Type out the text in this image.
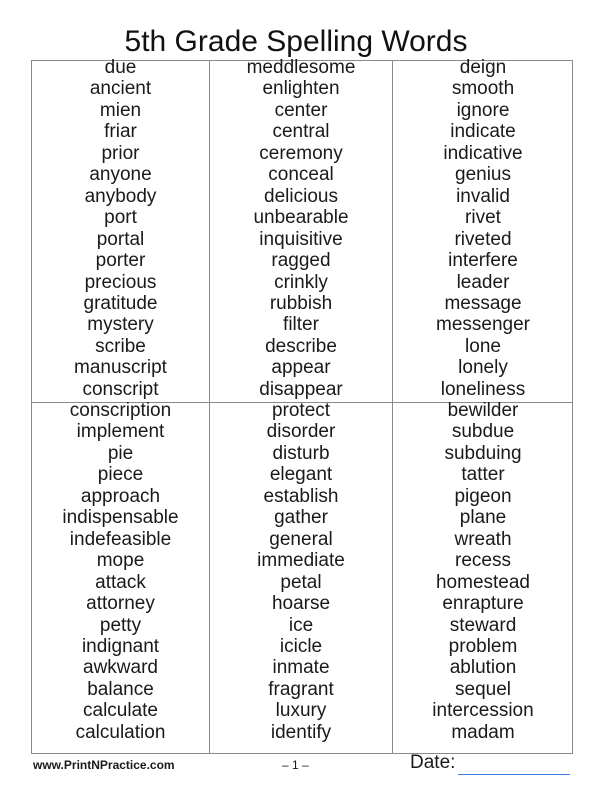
5th Grade Spelling Words
due
ancient
mien
friar
prior
anyone
anybody
port
portal
porter
precious
gratitude
mystery
scribe
manuscript
conscript
meddlesome
enlighten
center
central
ceremony
conceal
delicious
unbearable
inquisitive
ragged
crinkly
rubbish
filter
describe
appear
disappear
deign
smooth
ignore
indicate
indicative
genius
invalid
rivet
riveted
interfere
leader
message
messenger
lone
lonely
loneliness
conscription
implement
pie
piece
approach
indispensable
indefeasible
mope
attack
attorney
petty
indignant
awkward
balance
calculate
calculation
protect
disorder
disturb
elegant
establish
gather
general
immediate
petal
hoarse
ice
icicle
inmate
fragrant
luxury
identify
bewilder
subdue
subduing
tatter
pigeon
plane
wreath
recess
homestead
enrapture
steward
problem
ablution
sequel
intercession
madam
www.PrintNPractice.com	– 1 –	Date:
